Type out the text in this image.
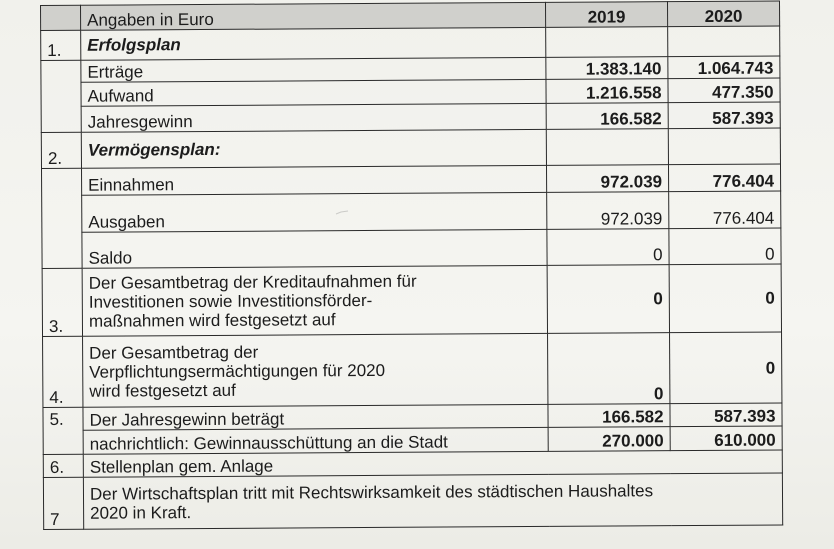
	Angaben in Euro	2019	2020
1.	Erfolgsplan		
	Erträge	1.383.140	1.064.743
	Aufwand	1.216.558	477.350
	Jahresgewinn	166.582	587.393
2.	Vermögensplan:		
	Einnahmen	972.039	776.404
	Ausgaben	972.039	776.404
	Saldo	0	0
3.	Der Gesamtbetrag der Kreditaufnahmen für
Investitionen sowie Investitionsförder-
maßnahmen wird festgesetzt auf	0	0
4.	Der Gesamtbetrag der
Verpflichtungsermächtigungen für 2020
wird festgesetzt auf	0	0
5.	Der Jahresgewinn beträgt	166.582	587.393
	nachrichtlich: Gewinnausschüttung an die Stadt	270.000	610.000
6.	Stellenplan gem. Anlage		
7	Der Wirtschaftsplan tritt mit Rechtswirksamkeit des städtischen Haushaltes
2020 in Kraft.		
